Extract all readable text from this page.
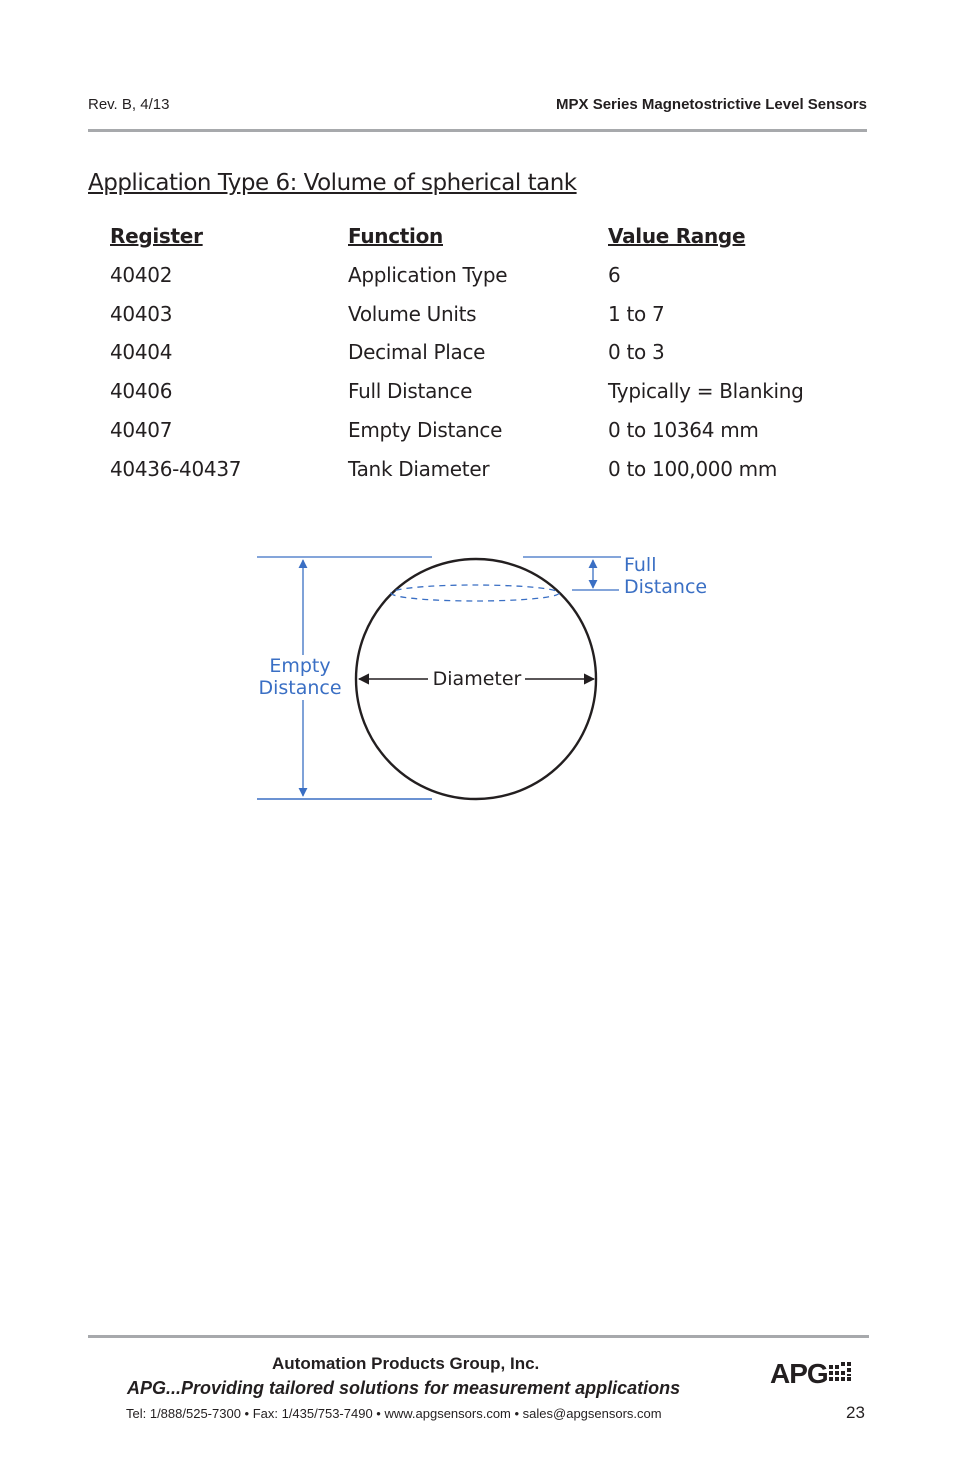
Rev. B, 4/13	MPX Series Magnetostrictive Level Sensors
Application Type 6: Volume of spherical tank
Register	Function	Value Range
40402	Application Type	6
40403	Volume Units	1 to 7
40404	Decimal Place	0 to 3
40406	Full Distance	Typically = Blanking
40407	Empty Distance	0 to 10364 mm
40436-40437	Tank Diameter	0 to 100,000 mm
Empty
Distance	Diameter
Full
Distance
Automation Products Group, Inc.
APG...Providing tailored solutions for measurement applications
Tel: 1/888/525-7300 • Fax: 1/435/753-7490 • www.apgsensors.com • sales@apgsensors.com
APG
23
